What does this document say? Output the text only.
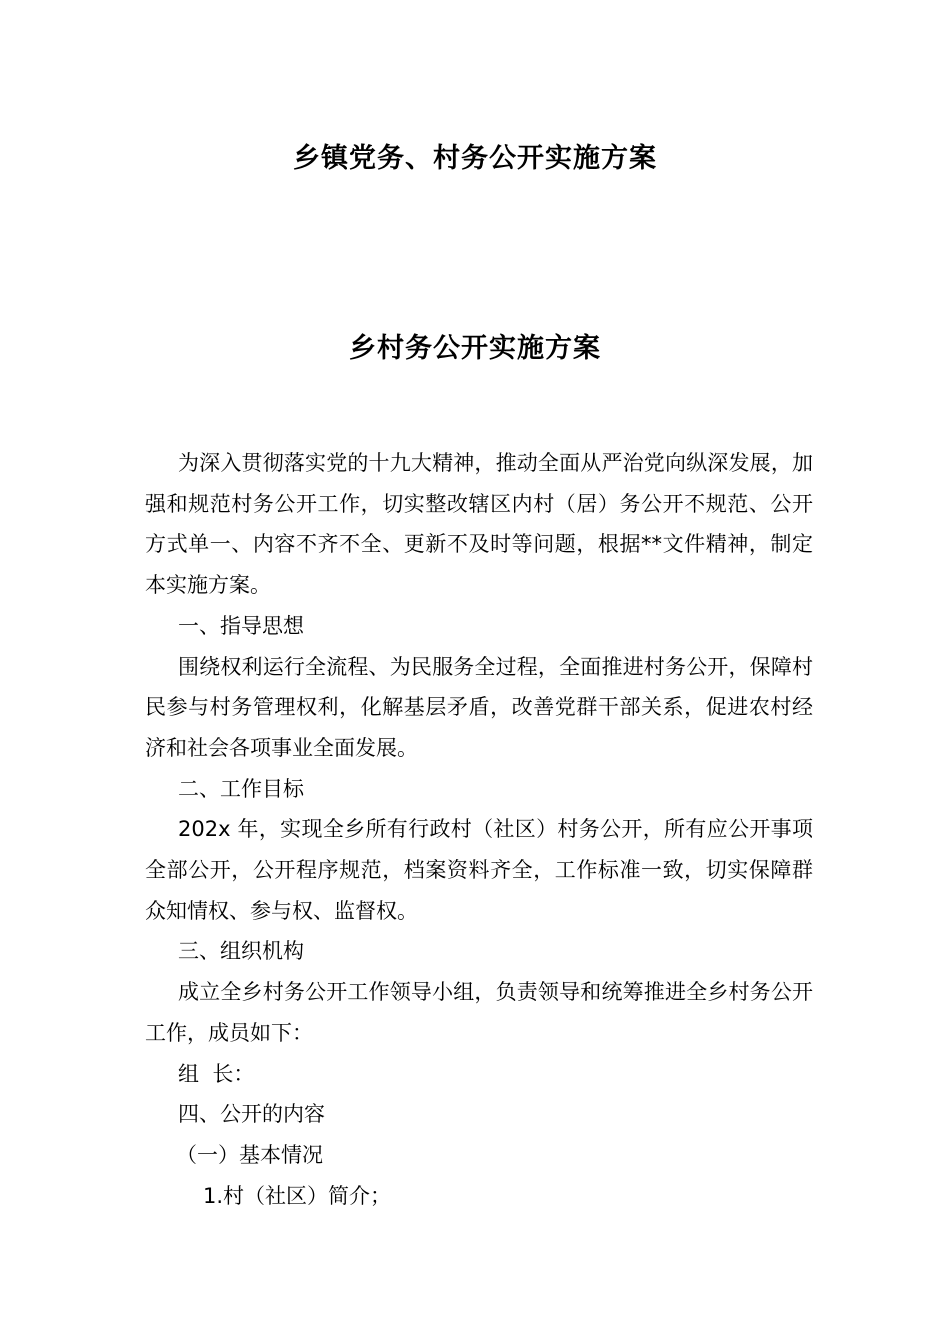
乡镇党务、村务公开实施方案
乡村务公开实施方案

为深入贯彻落实党的十九大精神，推动全面从严治党向纵深发展，加强和规范村务公开工作，切实整改辖区内村（居）务公开不规范、公开方式单一、内容不齐不全、更新不及时等问题，根据**文件精神，制定本实施方案。

一、指导思想

围绕权利运行全流程、为民服务全过程，全面推进村务公开，保障村民参与村务管理权利，化解基层矛盾，改善党群干部关系，促进农村经济和社会各项事业全面发展。

二、工作目标

202x 年，实现全乡所有行政村（社区）村务公开，所有应公开事项全部公开，公开程序规范，档案资料齐全，工作标准一致，切实保障群众知情权、参与权、监督权。

三、组织机构

成立全乡村务公开工作领导小组，负责领导和统筹推进全乡村务公开工作，成员如下：

组  长：

四、公开的内容

（一）基本情况

1.村（社区）简介；
